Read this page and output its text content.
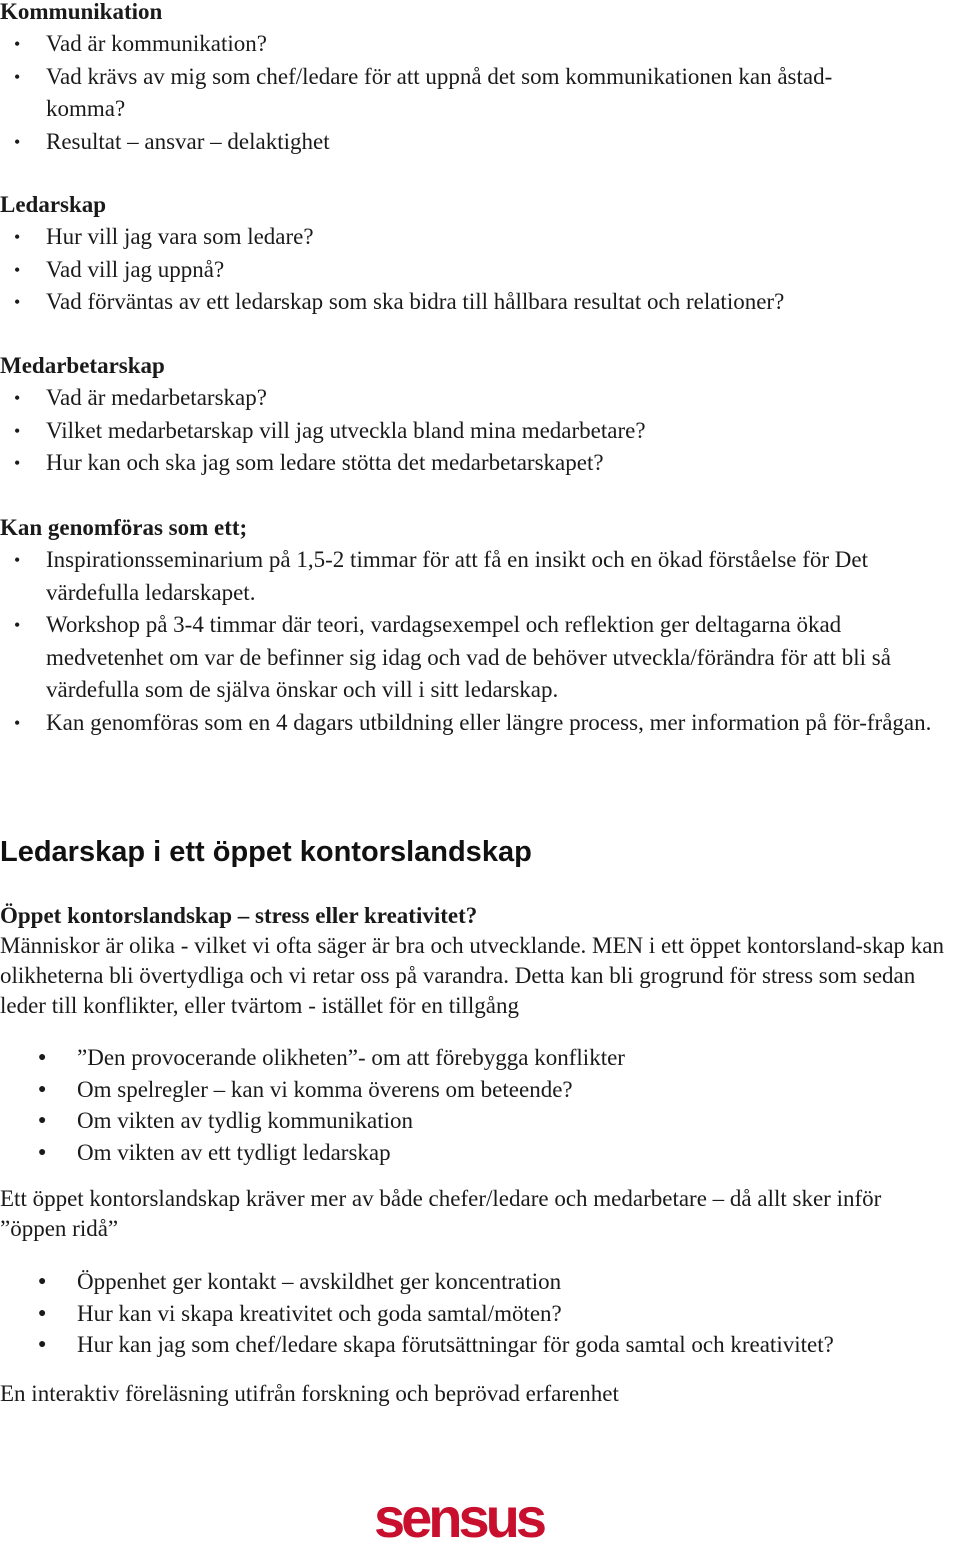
Kommunikation
• Vad är kommunikation?
• Vad krävs av mig som chef/ledare för att uppnå det som kommunikationen kan åstad-komma?
• Resultat – ansvar – delaktighet
Ledarskap
• Hur vill jag vara som ledare?
• Vad vill jag uppnå?
• Vad förväntas av ett ledarskap som ska bidra till hållbara resultat och relationer?
Medarbetarskap
• Vad är medarbetarskap?
• Vilket medarbetarskap vill jag utveckla bland mina medarbetare?
• Hur kan och ska jag som ledare stötta det medarbetarskapet?
Kan genomföras som ett;
• Inspirationsseminarium på 1,5-2 timmar för att få en insikt och en ökad förståelse för Det värdefulla ledarskapet.
• Workshop på 3-4 timmar där teori, vardagsexempel och reflektion ger deltagarna ökad medvetenhet om var de befinner sig idag och vad de behöver utveckla/förändra för att bli så värdefulla som de själva önskar och vill i sitt ledarskap.
• Kan genomföras som en 4 dagars utbildning eller längre process, mer information på för-frågan.
Ledarskap i ett öppet kontorslandskap
Öppet kontorslandskap – stress eller kreativitet?

Människor är olika - vilket vi ofta säger är bra och utvecklande. MEN i ett öppet kontorsland-skap kan olikheterna bli övertydliga och vi retar oss på varandra. Detta kan bli grogrund för stress som sedan leder till konflikter, eller tvärtom - istället för en tillgång

● ”Den provocerande olikheten”- om att förebygga konflikter
● Om spelregler – kan vi komma överens om beteende?
● Om vikten av tydlig kommunikation
● Om vikten av ett tydligt ledarskap

Ett öppet kontorslandskap kräver mer av både chefer/ledare och medarbetare – då allt sker inför ”öppen ridå”

● Öppenhet ger kontakt – avskildhet ger koncentration
● Hur kan vi skapa kreativitet och goda samtal/möten?
● Hur kan jag som chef/ledare skapa förutsättningar för goda samtal och kreativitet?

En interaktiv föreläsning utifrån forskning och beprövad erfarenhet

sensus
